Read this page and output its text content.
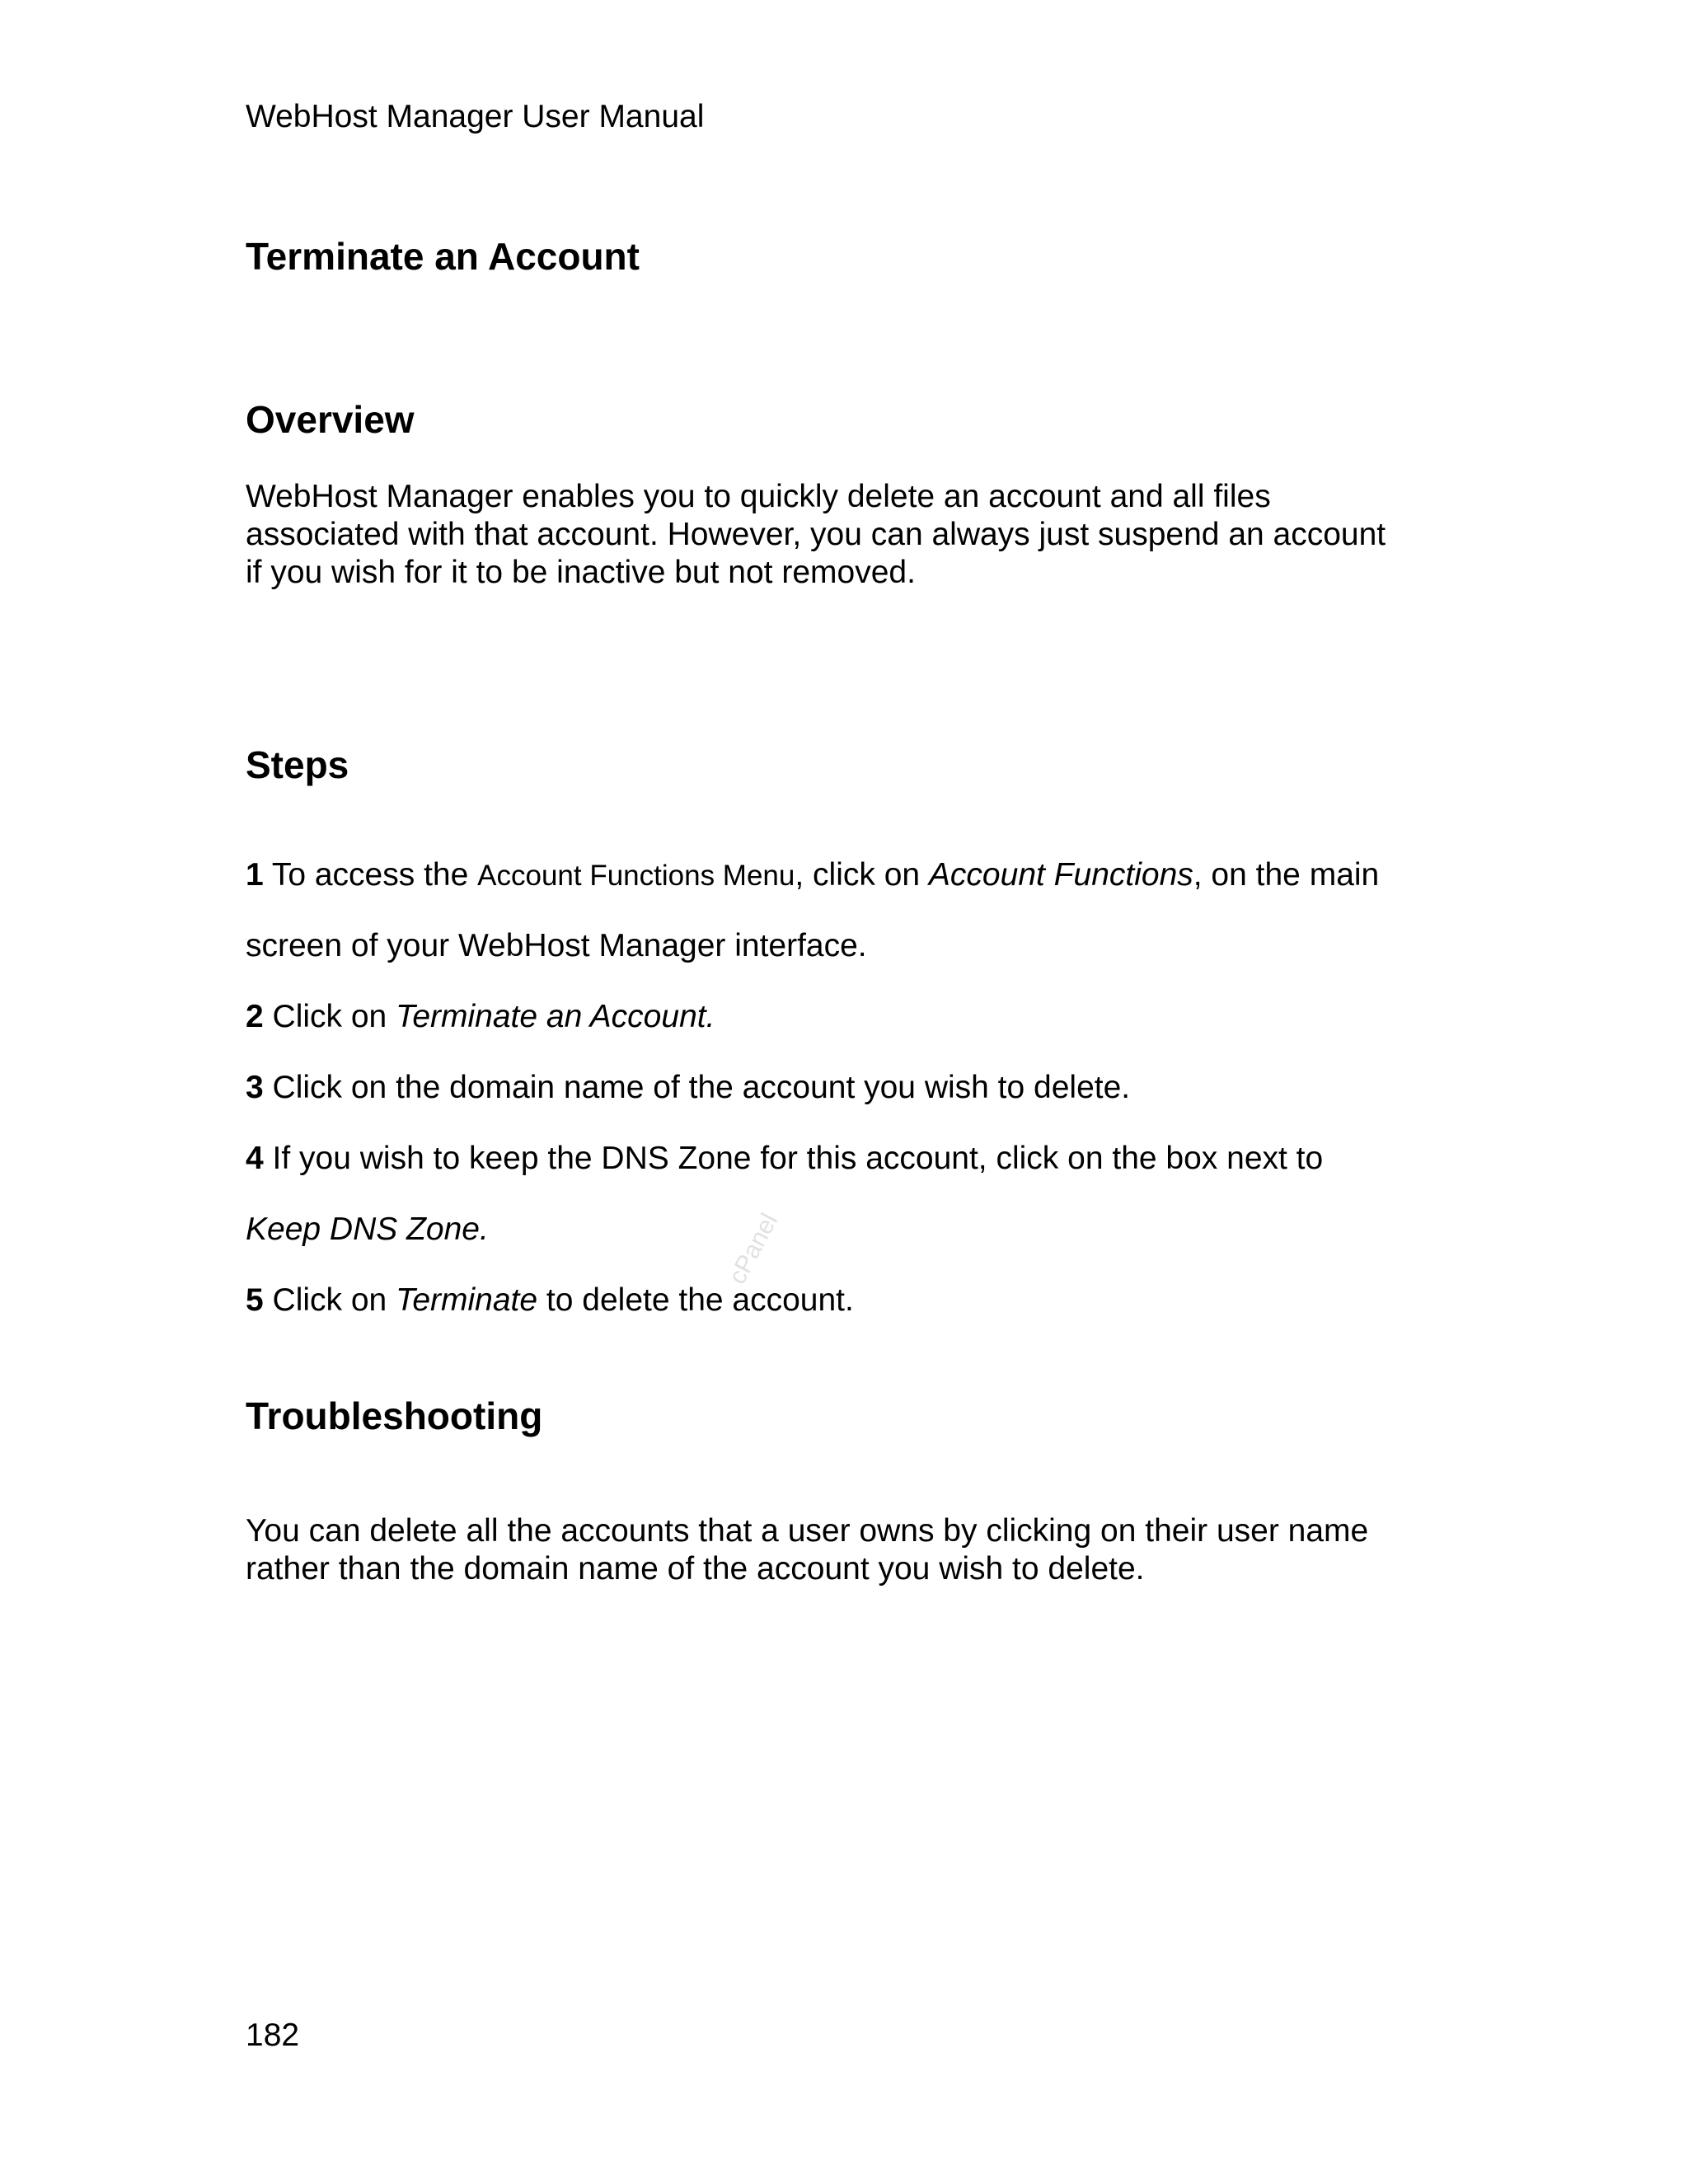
WebHost Manager User Manual
Terminate an Account
Overview
WebHost Manager enables you to quickly delete an account and all files
associated with that account. However, you can always just suspend an account
if you wish for it to be inactive but not removed.
Steps
1 To access the Account Functions Menu, click on Account Functions, on the main
screen of your WebHost Manager interface.
2 Click on Terminate an Account.
3 Click on the domain name of the account you wish to delete.
4 If you wish to keep the DNS Zone for this account, click on the box next to
Keep DNS Zone.
5 Click on Terminate to delete the account.
cPanel
Troubleshooting
You can delete all the accounts that a user owns by clicking on their user name
rather than the domain name of the account you wish to delete.
182
